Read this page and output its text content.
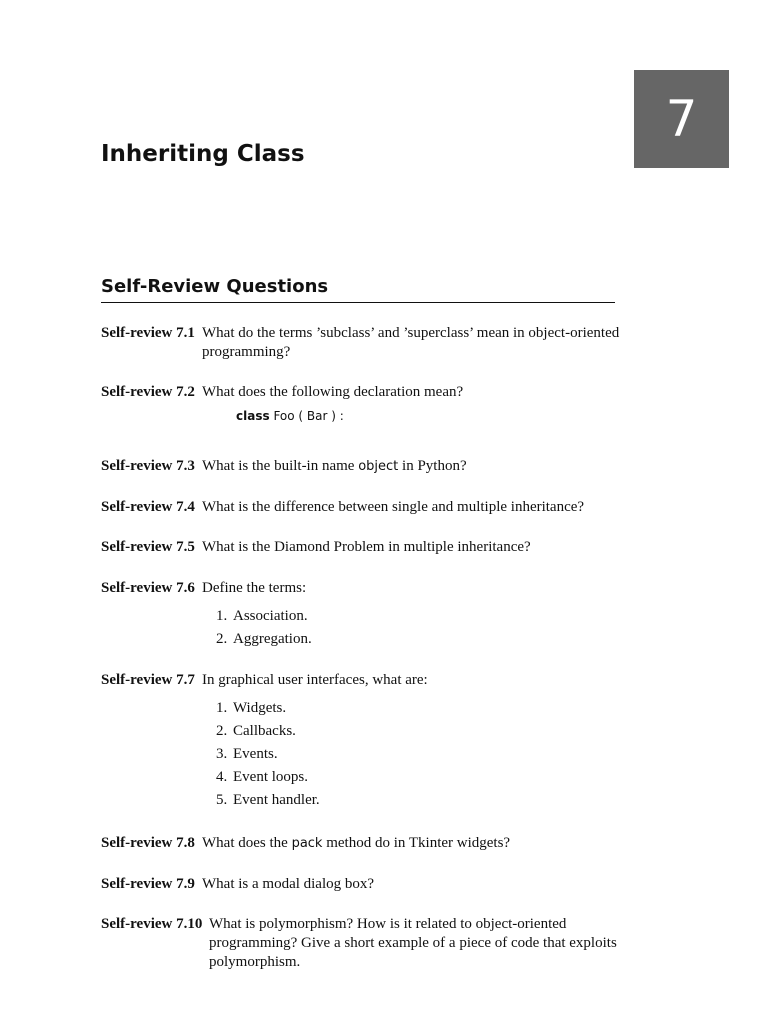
7
Inheriting Class
Self-Review Questions
Self-review 7.1 What do the terms ’subclass’ and ’superclass’ mean in object-oriented programming?
Self-review 7.2 What does the following declaration mean?
class Foo ( Bar ) :
Self-review 7.3 What is the built-in name object in Python?
Self-review 7.4 What is the difference between single and multiple inheritance?
Self-review 7.5 What is the Diamond Problem in multiple inheritance?
Self-review 7.6 Define the terms:
1. Association.
2. Aggregation.
Self-review 7.7 In graphical user interfaces, what are:
1. Widgets.
2. Callbacks.
3. Events.
4. Event loops.
5. Event handler.
Self-review 7.8 What does the pack method do in Tkinter widgets?
Self-review 7.9 What is a modal dialog box?
Self-review 7.10 What is polymorphism? How is it related to object-oriented programming? Give a short example of a piece of code that exploits polymorphism.
